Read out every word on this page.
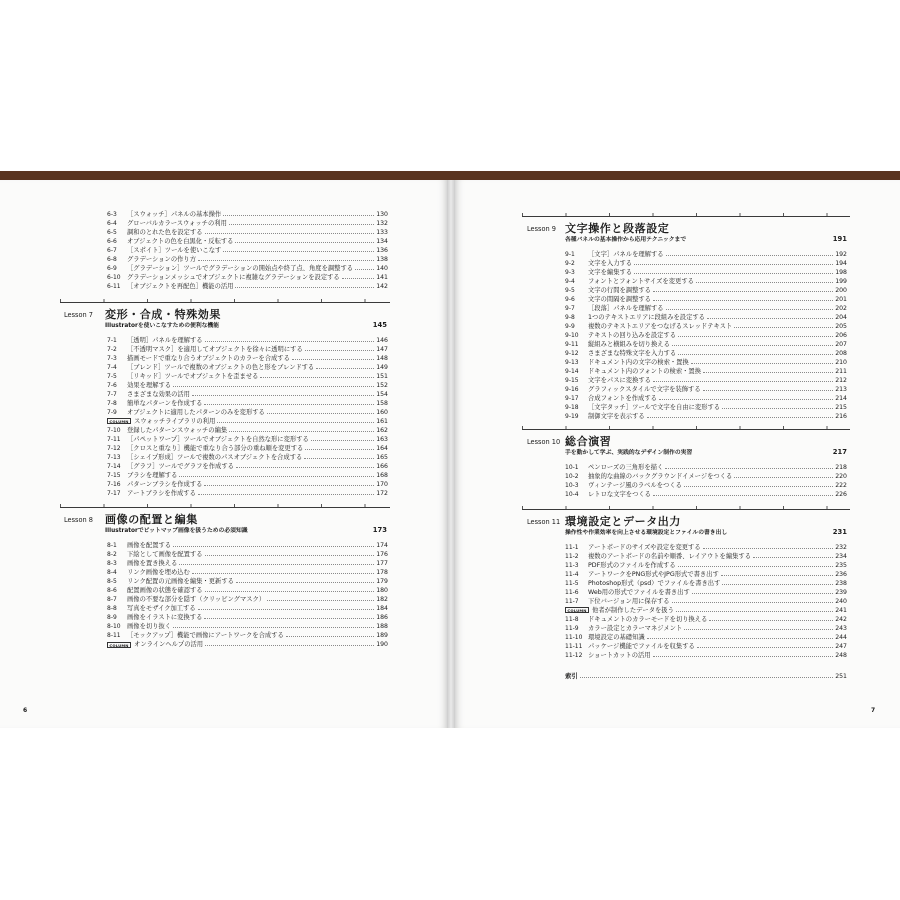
6-3	［スウォッチ］パネルの基本操作	130
6-4	グローバルカラースウォッチの利用	132
6-5	調和のとれた色を設定する	133
6-6	オブジェクトの色を白黒化・反転する	134
6-7	［スポイト］ツールを使いこなす	136
6-8	グラデーションの作り方	138
6-9	［グラデーション］ツールでグラデーションの開始点や終了点、角度を調整する	140
6-10	グラデーションメッシュでオブジェクトに複雑なグラデーションを設定する	141
6-11	［オブジェクトを再配色］機能の活用	142
Lesson 7 変形・合成・特殊効果
Illustratorを使いこなすための便利な機能	145
7-1	［透明］パネルを理解する	146
7-2	［不透明マスク］を適用してオブジェクトを徐々に透明にする	147
7-3	描画モードで重なり合うオブジェクトのカラーを合成する	148
7-4	［ブレンド］ツールで複数のオブジェクトの色と形をブレンドする	149
7-5	［リキッド］ツールでオブジェクトを歪ませる	151
7-6	効果を理解する	152
7-7	さまざまな効果の活用	154
7-8	簡単なパターンを作成する	158
7-9	オブジェクトに適用したパターンのみを変形する	160
COLUMN スウォッチライブラリの利用	161
7-10	登録したパターンスウォッチの編集	162
7-11	［パペットワープ］ツールでオブジェクトを自然な形に変形する	163
7-12	［クロスと重なり］機能で重なり合う部分の重ね順を変更する	164
7-13	［シェイプ形成］ツールで複数のパスオブジェクトを合成する	165
7-14	［グラフ］ツールでグラフを作成する	166
7-15	ブラシを理解する	168
7-16	パターンブラシを作成する	170
7-17	アートブラシを作成する	172
Lesson 8 画像の配置と編集
Illustratorでビットマップ画像を扱うための必須知識	173
8-1	画像を配置する	174
8-2	下絵として画像を配置する	176
8-3	画像を置き換える	177
8-4	リンク画像を埋め込む	178
8-5	リンク配置の元画像を編集・更新する	179
8-6	配置画像の状態を確認する	180
8-7	画像の不要な部分を隠す（クリッピングマスク）	182
8-8	写真をモザイク加工する	184
8-9	画像をイラストに変換する	186
8-10	画像を切り抜く	188
8-11	［モックアップ］機能で画像にアートワークを合成する	189
COLUMN オンラインヘルプの活用	190
6
Lesson 9 文字操作と段落設定
各種パネルの基本操作から応用テクニックまで	191
9-1	［文字］パネルを理解する	192
9-2	文字を入力する	194
9-3	文字を編集する	198
9-4	フォントとフォントサイズを変更する	199
9-5	文字の行間を調整する	200
9-6	文字の間隔を調整する	201
9-7	［段落］パネルを理解する	202
9-8	1つのテキストエリアに段組みを設定する	204
9-9	複数のテキストエリアをつなげるスレッドテキスト	205
9-10	テキストの回り込みを設定する	206
9-11	縦組みと横組みを切り換える	207
9-12	さまざまな特殊文字を入力する	208
9-13	ドキュメント内の文字の検索・置換	210
9-14	ドキュメント内のフォントの検索・置換	211
9-15	文字をパスに変換する	212
9-16	グラフィックスタイルで文字を装飾する	213
9-17	合成フォントを作成する	214
9-18	［文字タッチ］ツールで文字を自由に変形する	215
9-19	制御文字を表示する	216
Lesson 10 総合演習
手を動かして学ぶ、実践的なデザイン制作の実習	217
10-1	ペンローズの三角形を描く	218
10-2	抽象的な曲線のバックグラウンドイメージをつくる	220
10-3	ヴィンテージ風のラベルをつくる	222
10-4	レトロな文字をつくる	226
Lesson 11 環境設定とデータ出力
操作性や作業効率を向上させる環境設定とファイルの書き出し	231
11-1	アートボードのサイズや設定を変更する	232
11-2	複数のアートボードの名前や順番、レイアウトを編集する	234
11-3	PDF形式のファイルを作成する	235
11-4	アートワークをPNG形式やJPG形式で書き出す	236
11-5	Photoshop形式（psd）でファイルを書き出す	238
11-6	Web用の形式でファイルを書き出す	239
11-7	下位バージョン用に保存する	240
COLUMN 他者が制作したデータを扱う	241
11-8	ドキュメントのカラーモードを切り換える	242
11-9	カラー設定とカラーマネジメント	243
11-10 環境設定の基礎知識	244
11-11 パッケージ機能でファイルを収集する	247
11-12 ショートカットの活用	248
索引	251
7
